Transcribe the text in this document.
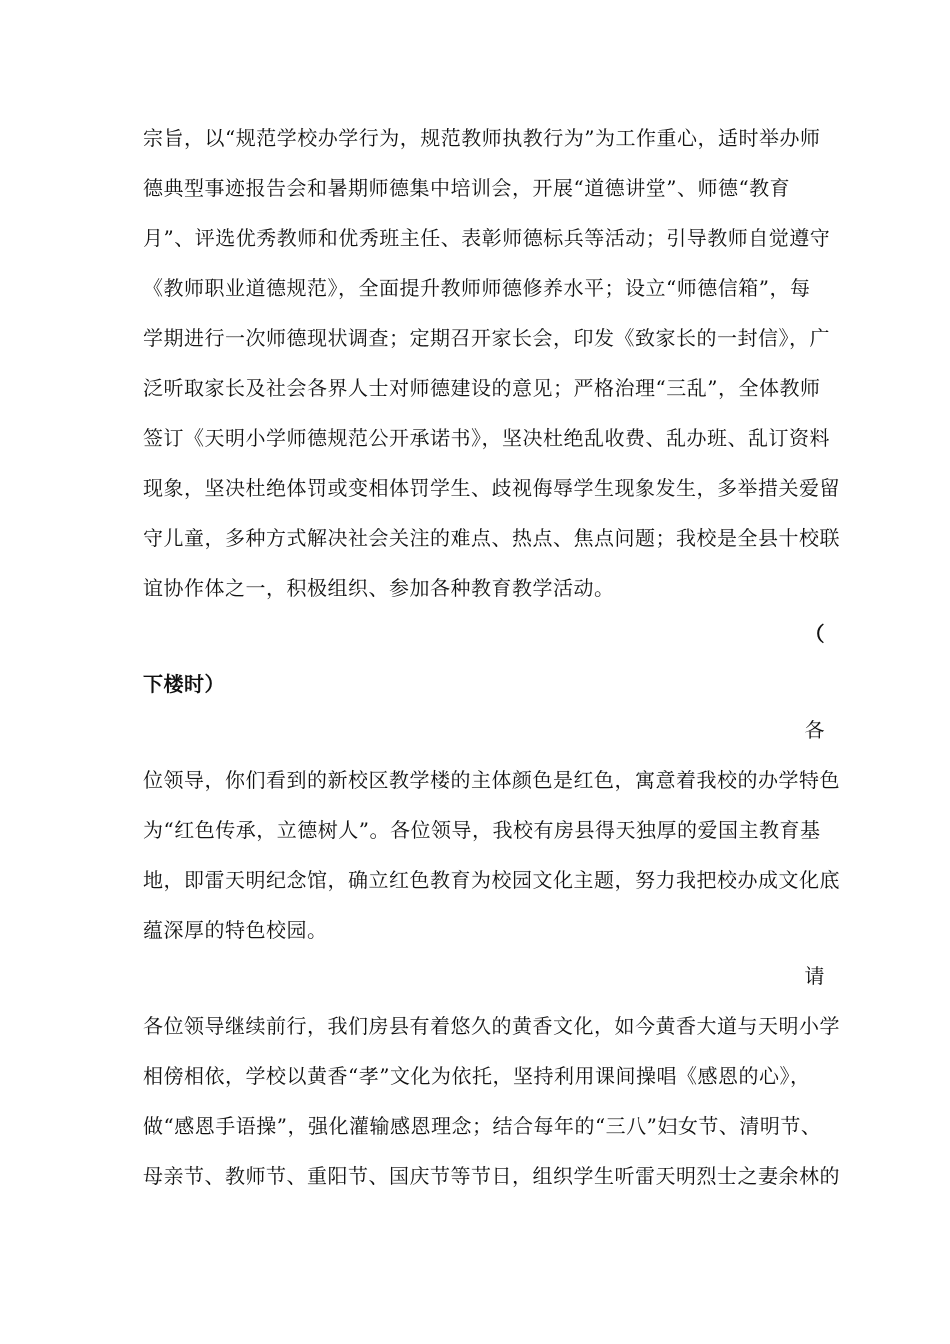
宗旨，以“规范学校办学行为，规范教师执教行为”为工作重心，适时举办师
德典型事迹报告会和暑期师德集中培训会，开展“道德讲堂”、师德“教育
月”、评选优秀教师和优秀班主任、表彰师德标兵等活动；引导教师自觉遵守
《教师职业道德规范》，全面提升教师师德修养水平；设立“师德信箱”，每
学期进行一次师德现状调查；定期召开家长会，印发《致家长的一封信》，广
泛听取家长及社会各界人士对师德建设的意见；严格治理“三乱”，全体教师
签订《天明小学师德规范公开承诺书》，坚决杜绝乱收费、乱办班、乱订资料
现象，坚决杜绝体罚或变相体罚学生、歧视侮辱学生现象发生，多举措关爱留
守儿童，多种方式解决社会关注的难点、热点、焦点问题；我校是全县十校联
谊协作体之一，积极组织、参加各种教育教学活动。
（
下楼时）
各
位领导，你们看到的新校区教学楼的主体颜色是红色，寓意着我校的办学特色
为“红色传承，立德树人”。各位领导，我校有房县得天独厚的爱国主教育基
地，即雷天明纪念馆，确立红色教育为校园文化主题，努力我把校办成文化底
蕴深厚的特色校园。
请
各位领导继续前行，我们房县有着悠久的黄香文化，如今黄香大道与天明小学
相傍相依，学校以黄香“孝”文化为依托，坚持利用课间操唱《感恩的心》，
做“感恩手语操”，强化灌输感恩理念；结合每年的“三八”妇女节、清明节、
母亲节、教师节、重阳节、国庆节等节日，组织学生听雷天明烈士之妻余林的
